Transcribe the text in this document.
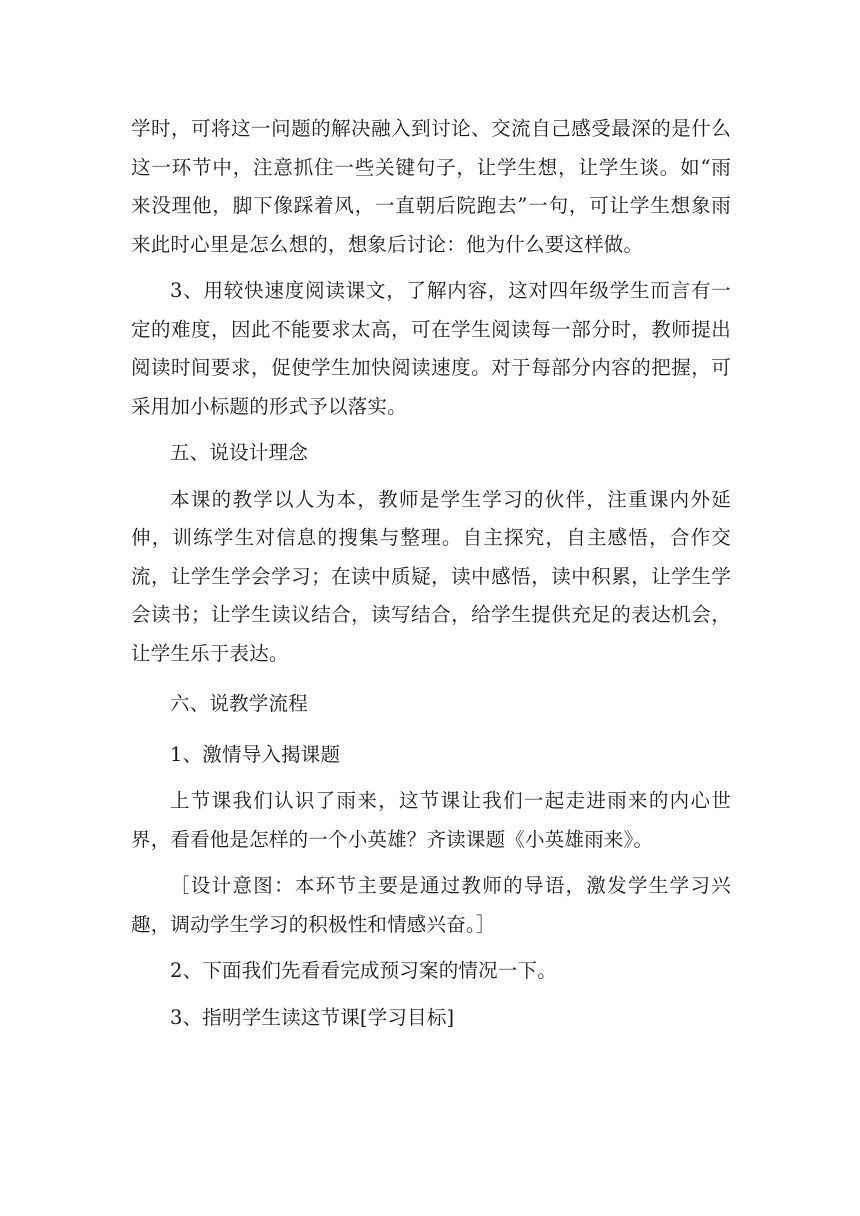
学时，可将这一问题的解决融入到讨论、交流自己感受最深的是什么这一环节中，注意抓住一些关键句子，让学生想，让学生谈。如“雨来没理他，脚下像踩着风，一直朝后院跑去”一句，可让学生想象雨来此时心里是怎么想的，想象后讨论：他为什么要这样做。

3、用较快速度阅读课文，了解内容，这对四年级学生而言有一定的难度，因此不能要求太高，可在学生阅读每一部分时，教师提出阅读时间要求，促使学生加快阅读速度。对于每部分内容的把握，可采用加小标题的形式予以落实。

五、说设计理念

本课的教学以人为本，教师是学生学习的伙伴，注重课内外延伸，训练学生对信息的搜集与整理。自主探究，自主感悟，合作交流，让学生学会学习；在读中质疑，读中感悟，读中积累，让学生学会读书；让学生读议结合，读写结合，给学生提供充足的表达机会，让学生乐于表达。

六、说教学流程

1、激情导入揭课题

上节课我们认识了雨来，这节课让我们一起走进雨来的内心世界，看看他是怎样的一个小英雄？齐读课题《小英雄雨来》。

［设计意图：本环节主要是通过教师的导语，激发学生学习兴趣，调动学生学习的积极性和情感兴奋。］

2、下面我们先看看完成预习案的情况一下。

3、指明学生读这节课[学习目标]
